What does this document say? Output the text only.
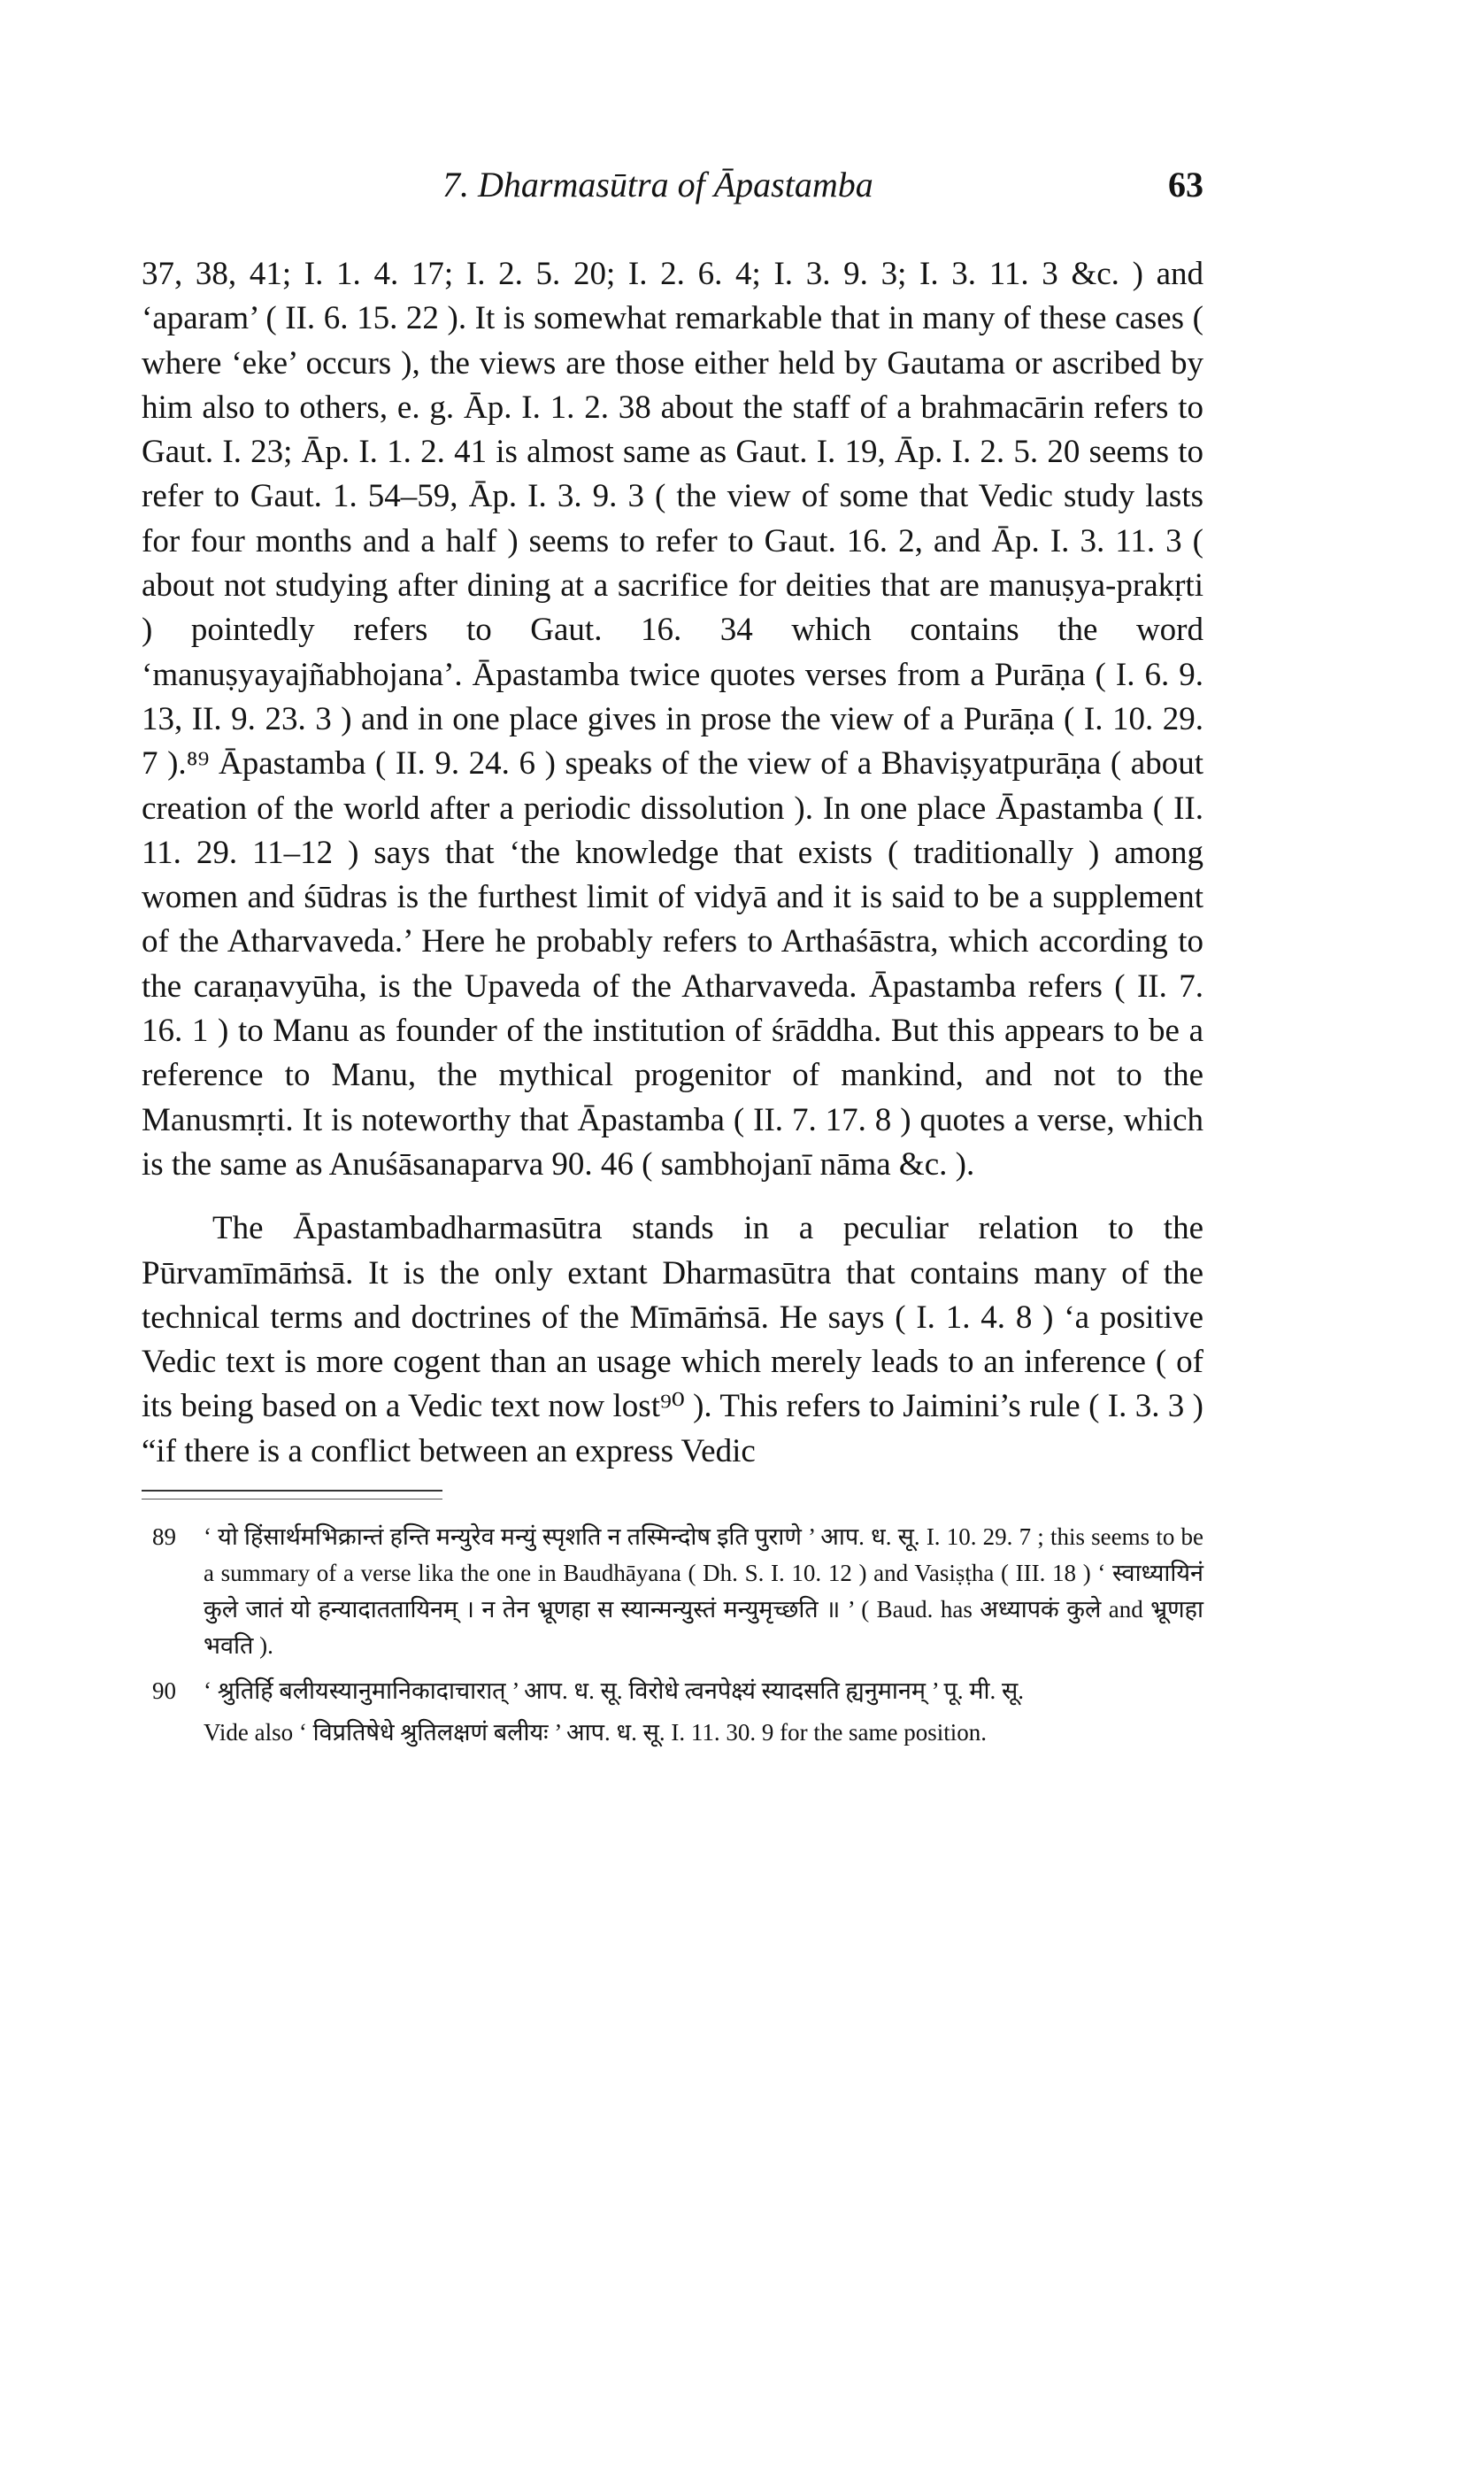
7. Dharmasūtra of Āpastamba	63

37, 38, 41; I. 1. 4. 17; I. 2. 5. 20; I. 2. 6. 4; I. 3. 9. 3; I. 3. 11. 3 &c. ) and ‘aparam’ ( II. 6. 15. 22 ). It is somewhat remarkable that in many of these cases ( where ‘eke’ occurs ), the views are those either held by Gautama or ascribed by him also to others, e. g. Āp. I. 1. 2. 38 about the staff of a brahmacārin refers to Gaut. I. 23; Āp. I. 1. 2. 41 is almost same as Gaut. I. 19, Āp. I. 2. 5. 20 seems to refer to Gaut. 1. 54–59, Āp. I. 3. 9. 3 ( the view of some that Vedic study lasts for four months and a half ) seems to refer to Gaut. 16. 2, and Āp. I. 3. 11. 3 ( about not studying after dining at a sacrifice for deities that are manuṣya-prakṛti ) pointedly refers to Gaut. 16. 34 which contains the word ‘manuṣyayajñabhojana’. Āpastamba twice quotes verses from a Purāṇa ( I. 6. 9. 13, II. 9. 23. 3 ) and in one place gives in prose the view of a Purāṇa ( I. 10. 29. 7 ).⁸⁹ Āpastamba ( II. 9. 24. 6 ) speaks of the view of a Bhaviṣyatpurāṇa ( about creation of the world after a periodic dissolution ). In one place Āpastamba ( II. 11. 29. 11–12 ) says that ‘the knowledge that exists ( traditionally ) among women and śūdras is the furthest limit of vidyā and it is said to be a supplement of the Atharvaveda.’ Here he probably refers to Arthaśāstra, which according to the caraṇavyūha, is the Upaveda of the Atharvaveda. Āpastamba refers ( II. 7. 16. 1 ) to Manu as founder of the institution of śrāddha. But this appears to be a reference to Manu, the mythical progenitor of mankind, and not to the Manusmṛti. It is noteworthy that Āpastamba ( II. 7. 17. 8 ) quotes a verse, which is the same as Anuśāsanaparva 90. 46 ( sambhojanī nāma &c. ).

The Āpastambadharmasūtra stands in a peculiar relation to the Pūrvamīmāṁsā. It is the only extant Dharmasūtra that contains many of the technical terms and doctrines of the Mīmāṁsā. He says ( I. 1. 4. 8 ) ‘a positive Vedic text is more cogent than an usage which merely leads to an inference ( of its being based on a Vedic text now lost⁹⁰ ). This refers to Jaimini’s rule ( I. 3. 3 ) “if there is a conflict between an express Vedic

89 ‘ यो हिंसार्थमभिक्रान्तं हन्ति मन्युरेव मन्युं स्पृशति न तस्मिन्दोष इति पुराणे ’ आप. ध. सू. I. 10. 29. 7 ; this seems to be a summary of a verse lika the one in Baudhāyana ( Dh. S. I. 10. 12 ) and Vasiṣṭha ( III. 18 ) ‘ स्वाध्यायिनं कुले जातं यो हन्यादाततायिनम् । न तेन भ्रूणहा स स्यान्मन्युस्तं मन्युमृच्छति ॥ ’ ( Baud. has अध्यापकं कुले and भ्रूणहा भवति ).
90 ‘ श्रुतिर्हि बलीयस्यानुमानिकादाचारात् ’ आप. ध. सू. विरोधे त्वनपेक्ष्यं स्यादसति ह्यनुमानम् ’ पू. मी. सू.
Vide also ‘ विप्रतिषेधे श्रुतिलक्षणं बलीयः ’ आप. ध. सू. I. 11. 30. 9 for the same position.
